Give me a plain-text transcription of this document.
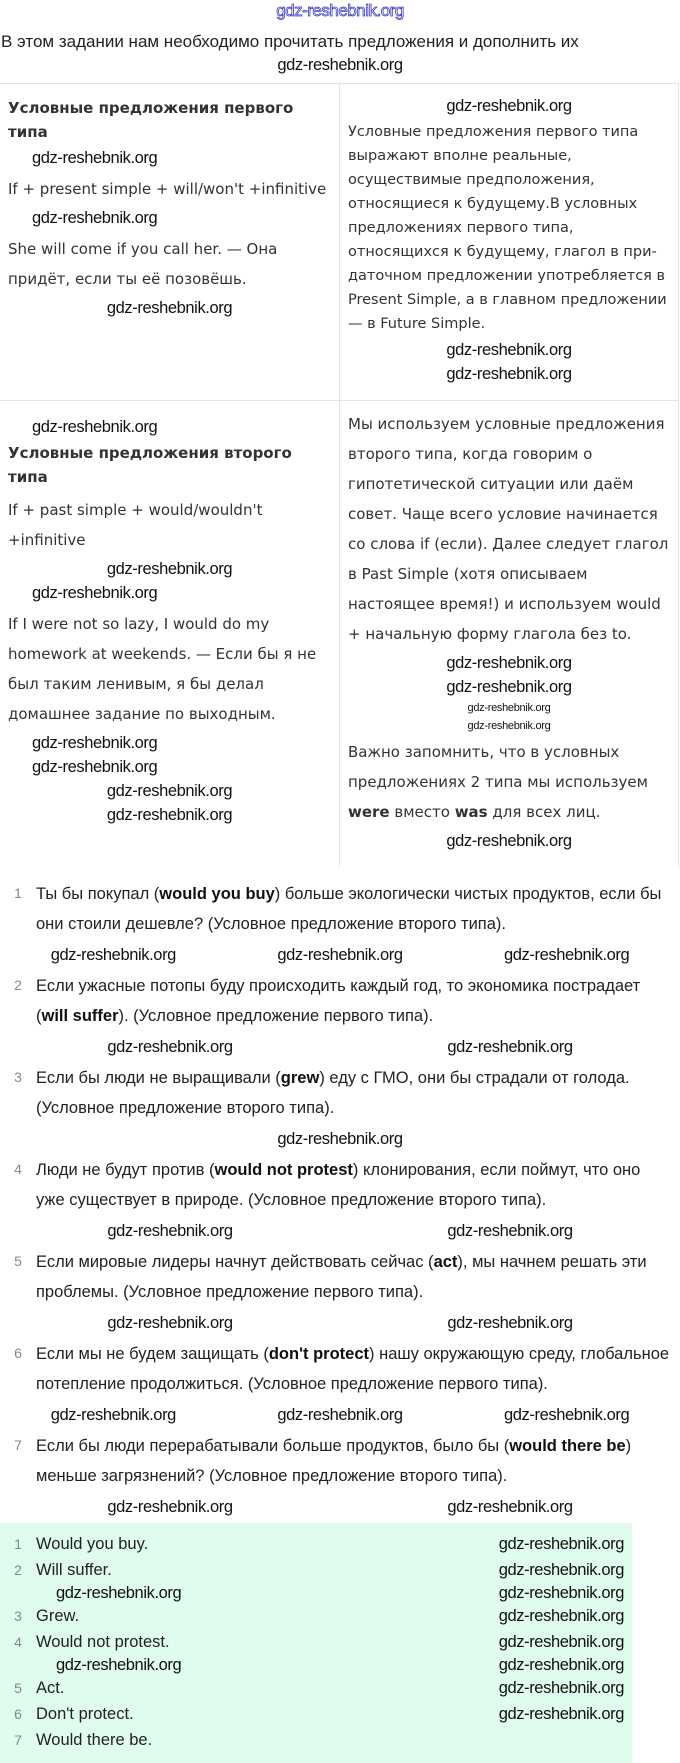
gdz-reshebnik.org
В этом задании нам необходимо прочитать предложения и дополнить их
gdz-reshebnik.org

Условные предложения первого типа

gdz-reshebnik.org

If + present simple + will/won't +infinitive

gdz-reshebnik.org

She will come if you call her. — Она придёт, если ты её позовёшь.

gdz-reshebnik.org
gdz-reshebnik.org

Условные предложения первого типа выражают вполне реальные, осуществимые предположения, относящиеся к будущему.В условных предложениях первого типа, относящихся к будущему, глагол в при-даточном предложении употребляется в Present Simple, а в главном предложении — в Future Simple.

gdz-reshebnik.org
gdz-reshebnik.org
gdz-reshebnik.org

Условные предложения второго типа

If + past simple + would/wouldn't +infinitive

gdz-reshebnik.org
gdz-reshebnik.org

If I were not so lazy, I would do my homework at weekends. — Если бы я не был таким ленивым, я бы делал домашнее задание по выходным.

gdz-reshebnik.org
gdz-reshebnik.org
gdz-reshebnik.org
gdz-reshebnik.org

Мы используем условные предложения второго типа, когда говорим о гипотетической ситуации или даём совет. Чаще всего условие начинается со слова if (если). Далее следует глагол в Past Simple (хотя описываем настоящее время!) и используем would + начальную форму глагола без to.

gdz-reshebnik.org
gdz-reshebnik.org
gdz-reshebnik.org
gdz-reshebnik.org

Важно запомнить, что в условных предложениях 2 типа мы используем were вместо was для всех лиц.

gdz-reshebnik.org
1 Ты бы покупал (would you buy) больше экологически чистых продуктов, если бы они стоили дешевле? (Условное предложение второго типа).
gdz-reshebnik.org	gdz-reshebnik.org	gdz-reshebnik.org
2 Если ужасные потопы буду происходить каждый год, то экономика пострадает (will suffer). (Условное предложение первого типа).
gdz-reshebnik.org	gdz-reshebnik.org
3 Если бы люди не выращивали (grew) еду с ГМО, они бы страдали от голода. (Условное предложение второго типа).
gdz-reshebnik.org
4 Люди не будут против (would not protest) клонирования, если поймут, что оно уже существует в природе. (Условное предложение второго типа).
gdz-reshebnik.org	gdz-reshebnik.org
5 Если мировые лидеры начнут действовать сейчас (act), мы начнем решать эти проблемы. (Условное предложение первого типа).
gdz-reshebnik.org	gdz-reshebnik.org
6 Если мы не будем защищать (don't protect) нашу окружающую среду, глобальное потепление продолжиться. (Условное предложение первого типа).
gdz-reshebnik.org	gdz-reshebnik.org	gdz-reshebnik.org
7 Если бы люди перерабатывали больше продуктов, было бы (would there be) меньше загрязнений? (Условное предложение второго типа).
gdz-reshebnik.org	gdz-reshebnik.org
1 Would you buy.	gdz-reshebnik.org
2 Will suffer.	gdz-reshebnik.org
gdz-reshebnik.org	gdz-reshebnik.org
3 Grew.	gdz-reshebnik.org
4 Would not protest.	gdz-reshebnik.org
gdz-reshebnik.org	gdz-reshebnik.org
5 Act.	gdz-reshebnik.org
6 Don't protect.	gdz-reshebnik.org
7 Would there be.
